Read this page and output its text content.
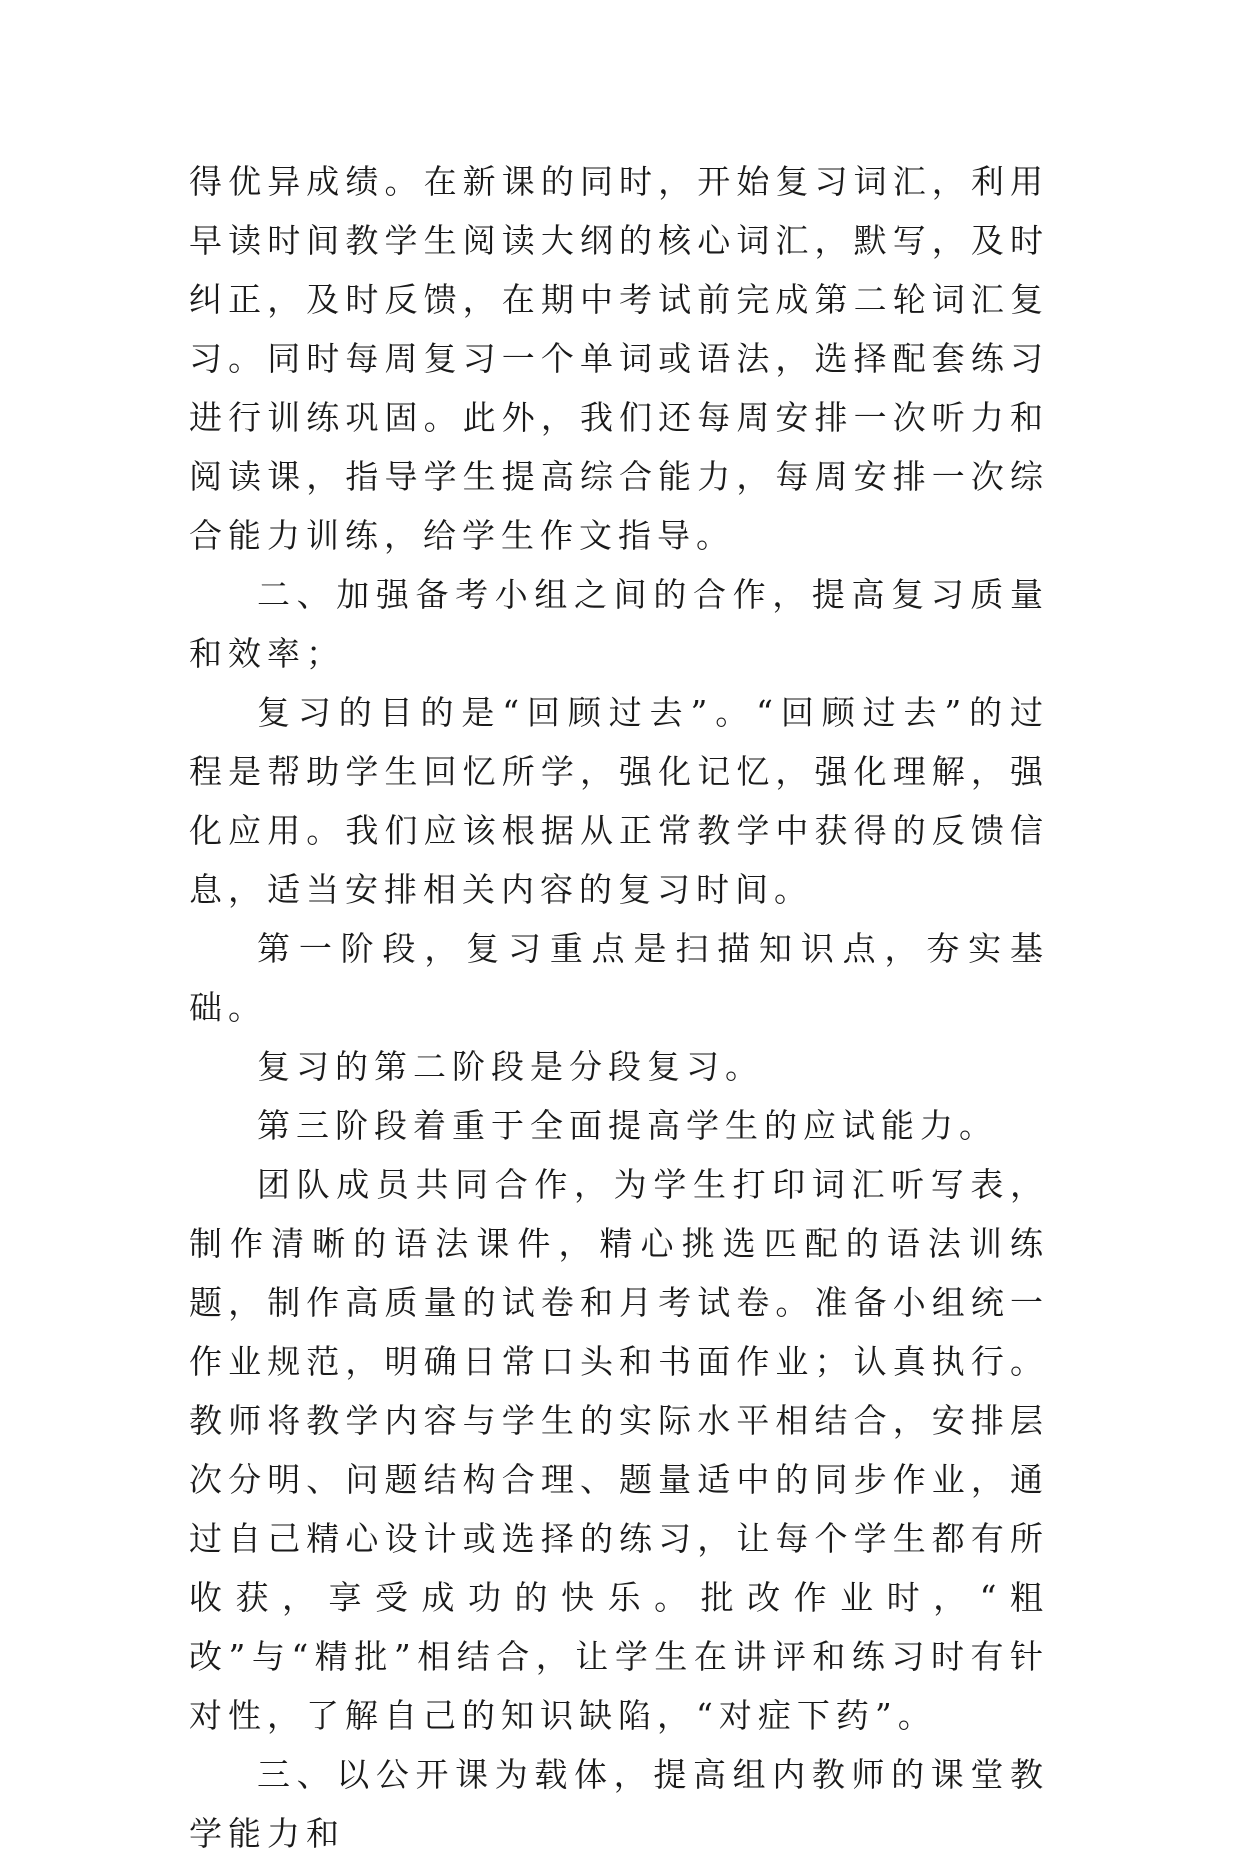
得优异成绩。在新课的同时，开始复习词汇，利用早读时间教学生阅读大纲的核心词汇，默写，及时纠正，及时反馈，在期中考试前完成第二轮词汇复习。同时每周复习一个单词或语法，选择配套练习进行训练巩固。此外，我们还每周安排一次听力和阅读课，指导学生提高综合能力，每周安排一次综合能力训练，给学生作文指导。

二、加强备考小组之间的合作，提高复习质量和效率；

复习的目的是“回顾过去”。“回顾过去”的过程是帮助学生回忆所学，强化记忆，强化理解，强化应用。我们应该根据从正常教学中获得的反馈信息，适当安排相关内容的复习时间。

第一阶段，复习重点是扫描知识点，夯实基础。

复习的第二阶段是分段复习。

第三阶段着重于全面提高学生的应试能力。

团队成员共同合作，为学生打印词汇听写表，制作清晰的语法课件，精心挑选匹配的语法训练题，制作高质量的试卷和月考试卷。准备小组统一作业规范，明确日常口头和书面作业；认真执行。教师将教学内容与学生的实际水平相结合，安排层次分明、问题结构合理、题量适中的同步作业，通过自己精心设计或选择的练习，让每个学生都有所收获，享受成功的快乐。批改作业时，“粗改”与“精批”相结合，让学生在讲评和练习时有针对性，了解自己的知识缺陷，“对症下药”。

三、以公开课为载体，提高组内教师的课堂教学能力和
